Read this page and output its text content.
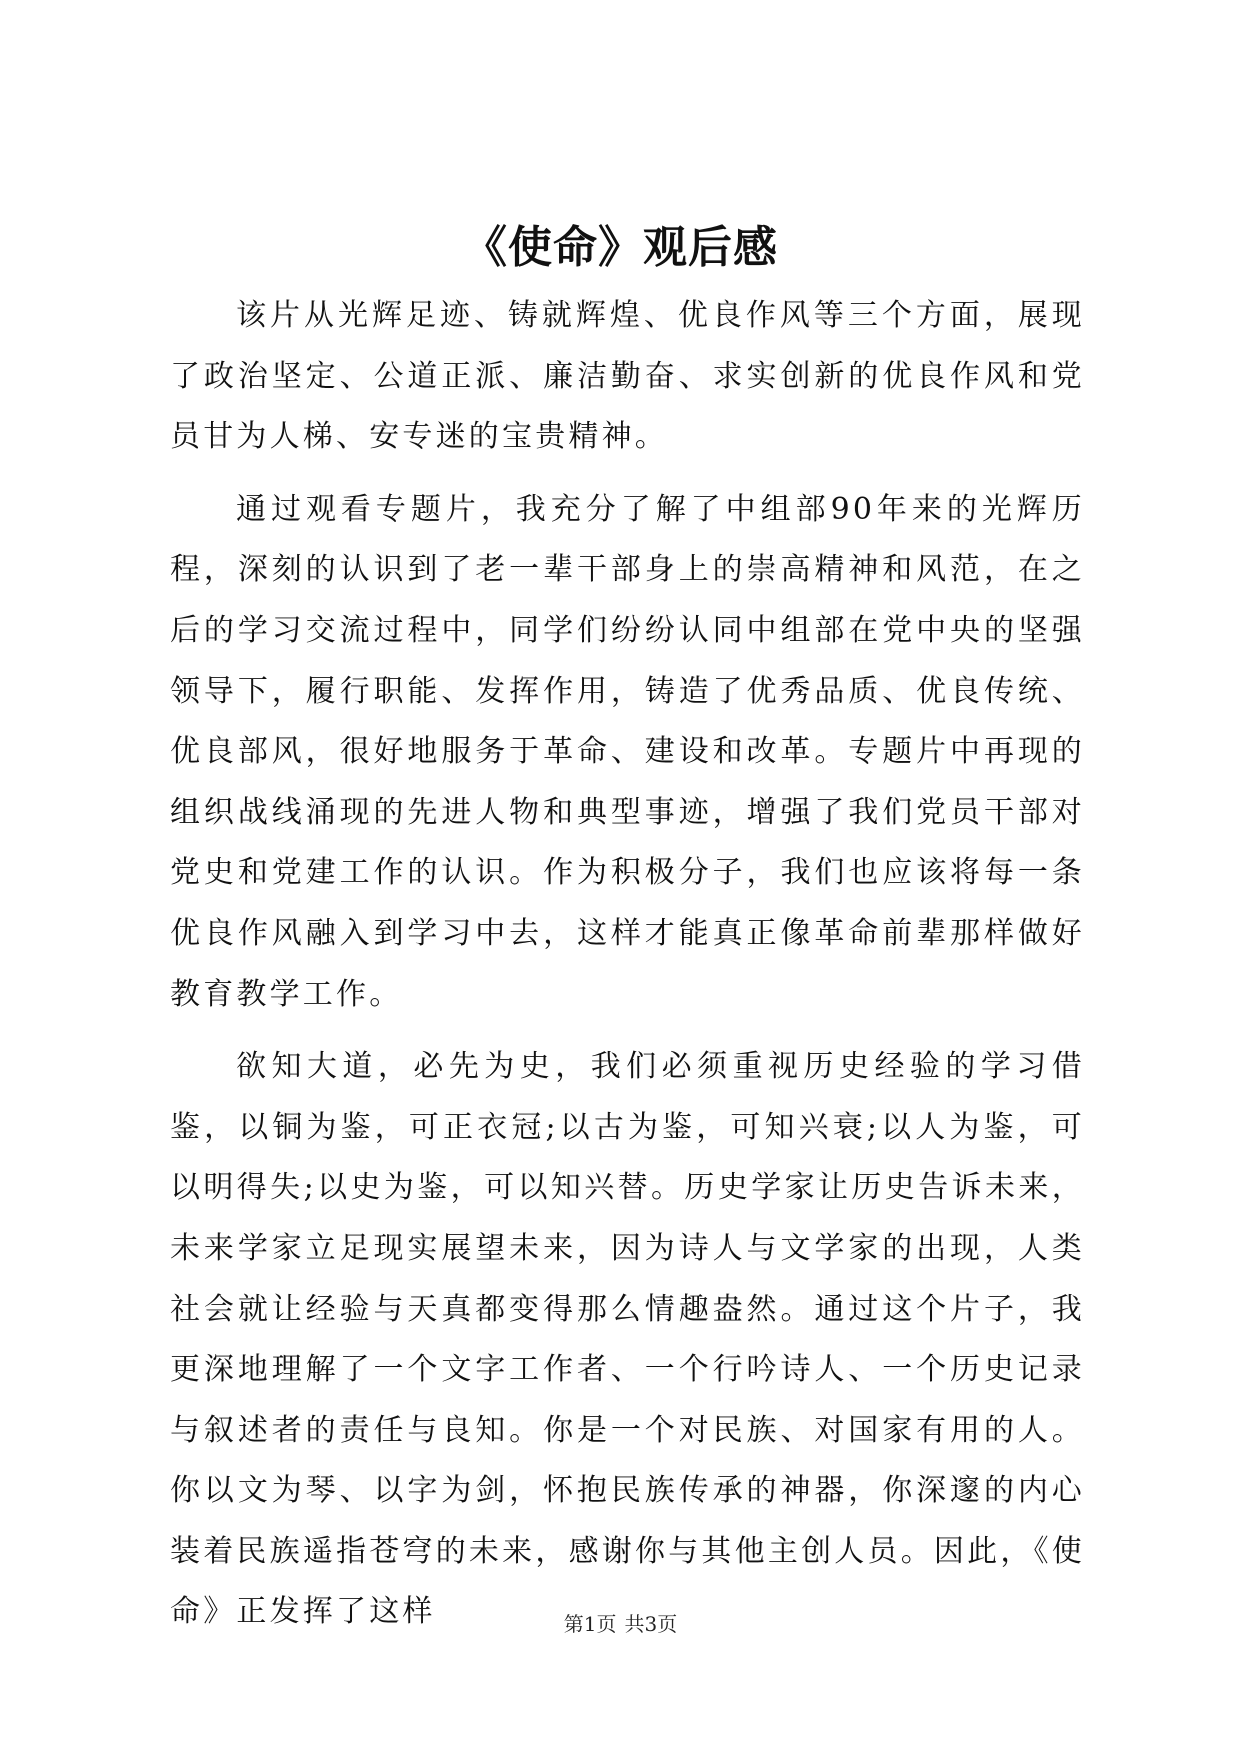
《使命》观后感

该片从光辉足迹、铸就辉煌、优良作风等三个方面，展现了政治坚定、公道正派、廉洁勤奋、求实创新的优良作风和党员甘为人梯、安专迷的宝贵精神。

通过观看专题片，我充分了解了中组部90年来的光辉历程，深刻的认识到了老一辈干部身上的崇高精神和风范，在之后的学习交流过程中，同学们纷纷认同中组部在党中央的坚强领导下，履行职能、发挥作用，铸造了优秀品质、优良传统、优良部风，很好地服务于革命、建设和改革。专题片中再现的组织战线涌现的先进人物和典型事迹，增强了我们党员干部对党史和党建工作的认识。作为积极分子，我们也应该将每一条优良作风融入到学习中去，这样才能真正像革命前辈那样做好教育教学工作。

欲知大道，必先为史，我们必须重视历史经验的学习借鉴，以铜为鉴，可正衣冠;以古为鉴，可知兴衰;以人为鉴，可以明得失;以史为鉴，可以知兴替。历史学家让历史告诉未来，未来学家立足现实展望未来，因为诗人与文学家的出现，人类社会就让经验与天真都变得那么情趣盎然。通过这个片子，我更深地理解了一个文字工作者、一个行吟诗人、一个历史记录与叙述者的责任与良知。你是一个对民族、对国家有用的人。你以文为琴、以字为剑，怀抱民族传承的神器，你深邃的内心装着民族遥指苍穹的未来，感谢你与其他主创人员。因此，《使命》正发挥了这样	第1页 共3页
